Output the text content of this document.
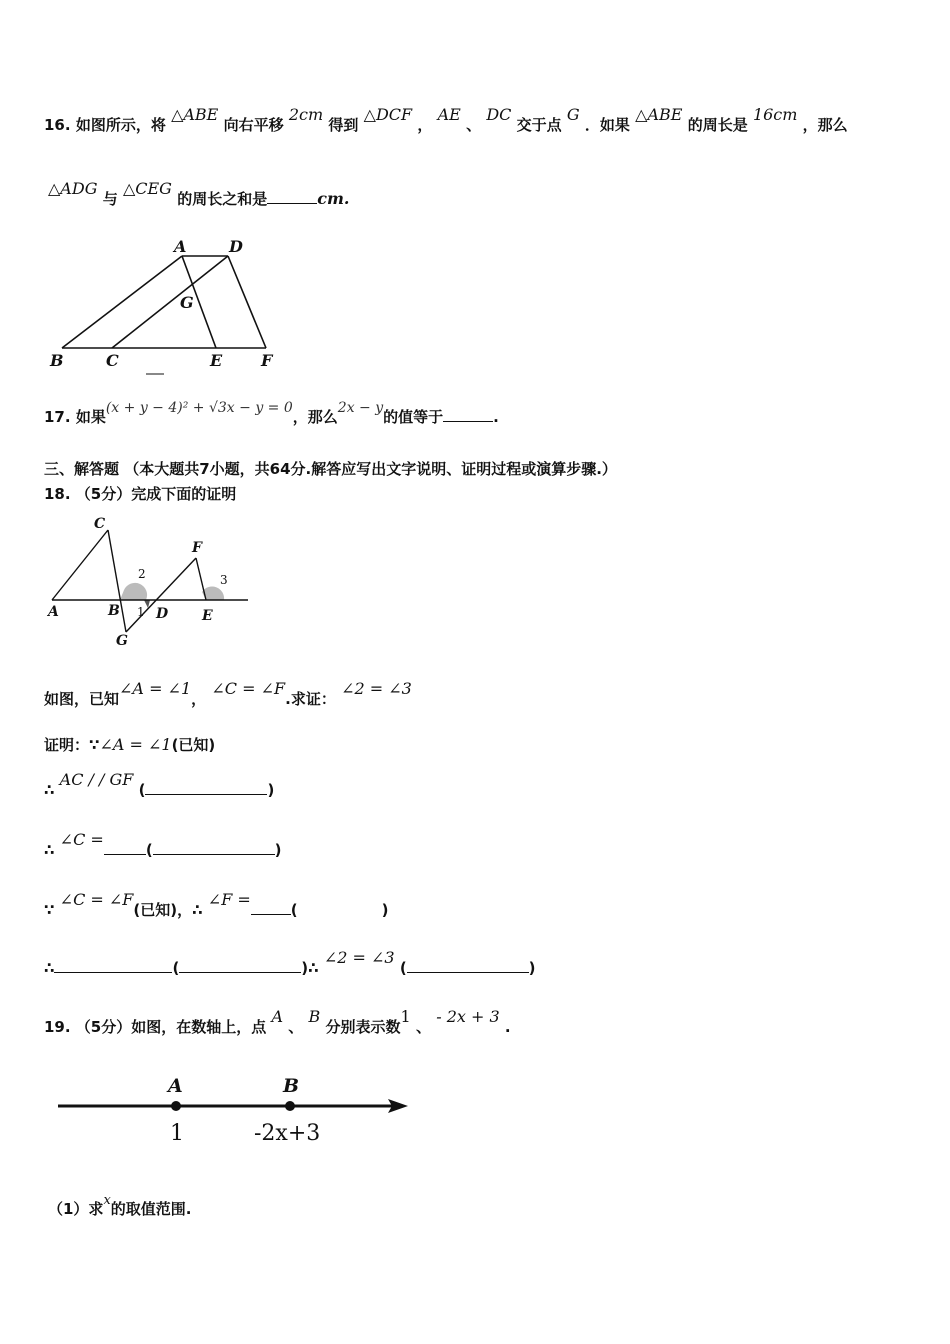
16. 如图所示，将 △ABE 向右平移 2cm 得到 △DCF ， AE 、 DC 交于点 G ．如果 △ABE 的周长是 16cm ，那么
△ADG 与 △CEG 的周长之和是	cm.
A	D
G
B	C	E F
17. 如果(x + y − 4)² + √3x − y = 0，那么2x − y的值等于	.
三、解答题 （本大题共7小题，共64分.解答应写出文字说明、证明过程或演算步骤.）
18. （5分）完成下面的证明
C
F
A	B	D E
G
2
1
3
如图，已知∠A = ∠1， ∠C = ∠F.求证： ∠2 = ∠3
证明：∵∠A = ∠1(已知)
∴ AC / / GF (	)
∴ ∠C =(	)
∵ ∠C = ∠F(已知)，∴ ∠F =(	)
∴	(	)∴ ∠2 = ∠3 (	)
19. （5分）如图，在数轴上，点 A 、 B 分别表示数1 、 - 2x + 3 .
A	B
1	-2x+3
（1）求x的取值范围.
